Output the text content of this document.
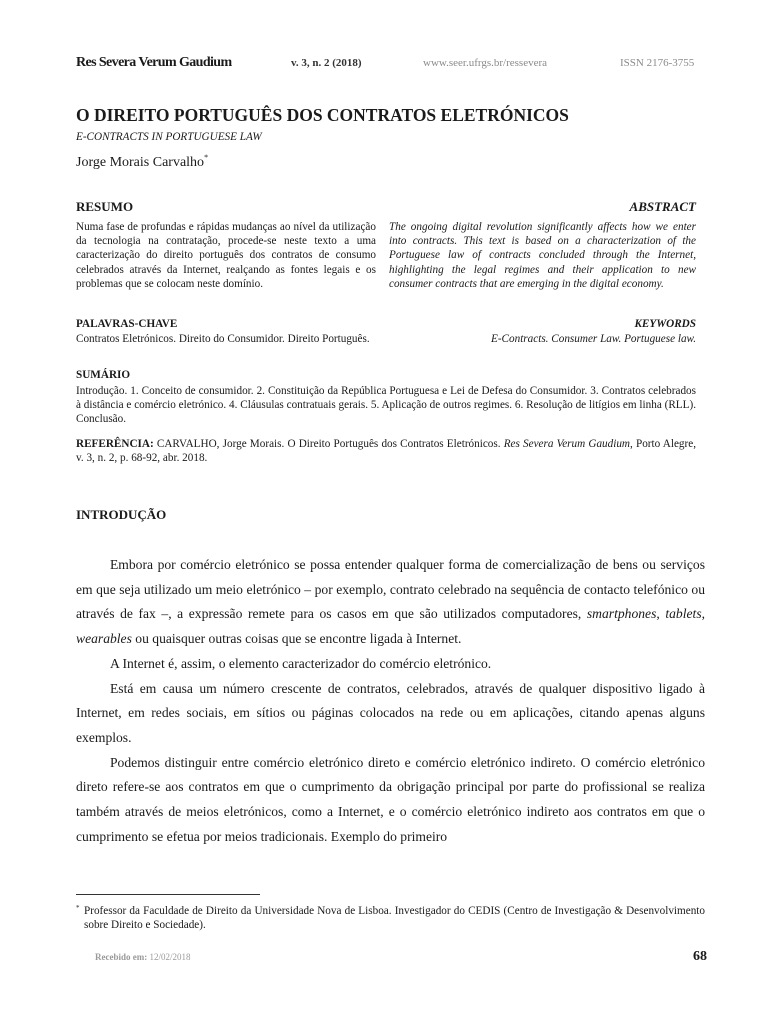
Res Severa Verum Gaudium	v. 3, n. 2 (2018)	www.seer.ufrgs.br/ressevera	ISSN 2176-3755
O DIREITO PORTUGUÊS DOS CONTRATOS ELETRÓNICOS
E-CONTRACTS IN PORTUGUESE LAW
Jorge Morais Carvalho*
RESUMO	ABSTRACT
Numa fase de profundas e rápidas mudanças ao nível da utilização da tecnologia na contratação, procede-se neste texto a uma caracterização do direito português dos contratos de consumo celebrados através da Internet, realçando as fontes legais e os problemas que se colocam neste domínio.
The ongoing digital revolution significantly affects how we enter into contracts. This text is based on a characterization of the Portuguese law of contracts concluded through the Internet, highlighting the legal regimes and their application to new consumer contracts that are emerging in the digital economy.
PALAVRAS-CHAVE	KEYWORDS
Contratos Eletrónicos. Direito do Consumidor. Direito Português.	E-Contracts. Consumer Law. Portuguese law.
SUMÁRIO
Introdução. 1. Conceito de consumidor. 2. Constituição da República Portuguesa e Lei de Defesa do Consumidor. 3. Contratos celebrados à distância e comércio eletrónico. 4. Cláusulas contratuais gerais. 5. Aplicação de outros regimes. 6. Resolução de litígios em linha (RLL). Conclusão.
REFERÊNCIA: CARVALHO, Jorge Morais. O Direito Português dos Contratos Eletrónicos. Res Severa Verum Gaudium, Porto Alegre, v. 3, n. 2, p. 68-92, abr. 2018.
INTRODUÇÃO

Embora por comércio eletrónico se possa entender qualquer forma de comercialização de bens ou serviços em que seja utilizado um meio eletrónico – por exemplo, contrato celebrado na sequência de contacto telefónico ou através de fax –, a expressão remete para os casos em que são utilizados computadores, smartphones, tablets, wearables ou quaisquer outras coisas que se encontre ligada à Internet.

A Internet é, assim, o elemento caracterizador do comércio eletrónico.

Está em causa um número crescente de contratos, celebrados, através de qualquer dispositivo ligado à Internet, em redes sociais, em sítios ou páginas colocados na rede ou em aplicações, citando apenas alguns exemplos.

Podemos distinguir entre comércio eletrónico direto e comércio eletrónico indireto. O comércio eletrónico direto refere-se aos contratos em que o cumprimento da obrigação principal por parte do profissional se realiza também através de meios eletrónicos, como a Internet, e o comércio eletrónico indireto aos contratos em que o cumprimento se efetua por meios tradicionais. Exemplo do primeiro

* Professor da Faculdade de Direito da Universidade Nova de Lisboa. Investigador do CEDIS (Centro de Investigação & Desenvolvimento sobre Direito e Sociedade).
Recebido em: 12/02/2018	68
